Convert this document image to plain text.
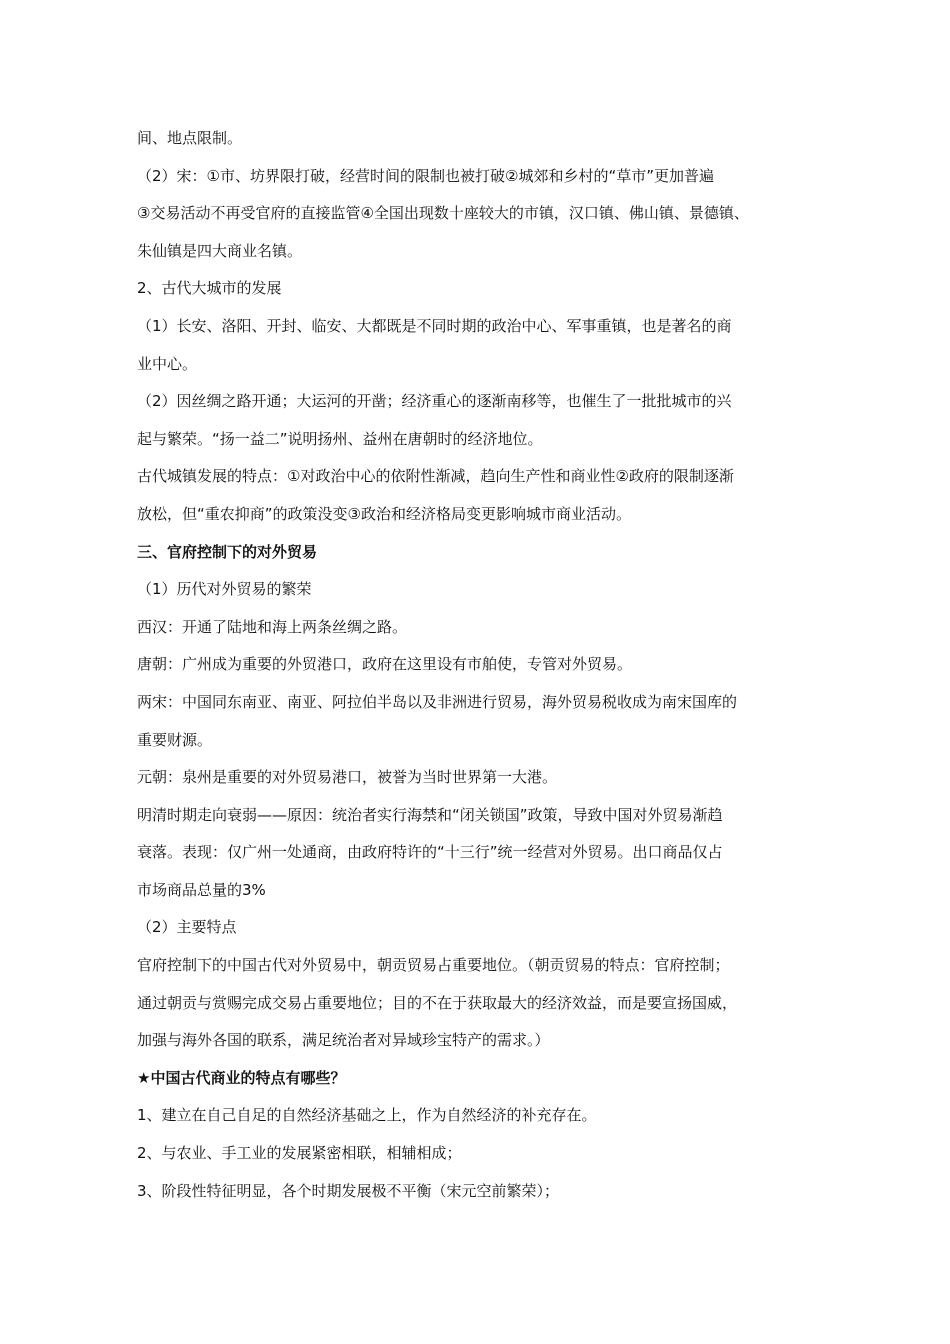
间、地点限制。
（2）宋：①市、坊界限打破，经营时间的限制也被打破②城郊和乡村的“草市”更加普遍
③交易活动不再受官府的直接监管④全国出现数十座较大的市镇，汉口镇、佛山镇、景德镇、
朱仙镇是四大商业名镇。
2、古代大城市的发展
（1）长安、洛阳、开封、临安、大都既是不同时期的政治中心、军事重镇，也是著名的商
业中心。
（2）因丝绸之路开通；大运河的开凿；经济重心的逐渐南移等，也催生了一批批城市的兴
起与繁荣。“扬一益二”说明扬州、益州在唐朝时的经济地位。
古代城镇发展的特点：①对政治中心的依附性渐减，趋向生产性和商业性②政府的限制逐渐
放松，但“重农抑商”的政策没变③政治和经济格局变更影响城市商业活动。
三、官府控制下的对外贸易
（1）历代对外贸易的繁荣
西汉：开通了陆地和海上两条丝绸之路。
唐朝：广州成为重要的外贸港口，政府在这里设有市舶使，专管对外贸易。
两宋：中国同东南亚、南亚、阿拉伯半岛以及非洲进行贸易，海外贸易税收成为南宋国库的
重要财源。
元朝：泉州是重要的对外贸易港口，被誉为当时世界第一大港。
明清时期走向衰弱——原因：统治者实行海禁和“闭关锁国”政策，导致中国对外贸易渐趋
衰落。表现：仅广州一处通商，由政府特许的“十三行”统一经营对外贸易。出口商品仅占
市场商品总量的3%
（2）主要特点
官府控制下的中国古代对外贸易中，朝贡贸易占重要地位。（朝贡贸易的特点：官府控制；
通过朝贡与赏赐完成交易占重要地位；目的不在于获取最大的经济效益，而是要宣扬国威，
加强与海外各国的联系，满足统治者对异域珍宝特产的需求。）
★中国古代商业的特点有哪些？
1、建立在自己自足的自然经济基础之上，作为自然经济的补充存在。
2、与农业、手工业的发展紧密相联，相辅相成；
3、阶段性特征明显，各个时期发展极不平衡（宋元空前繁荣）；
